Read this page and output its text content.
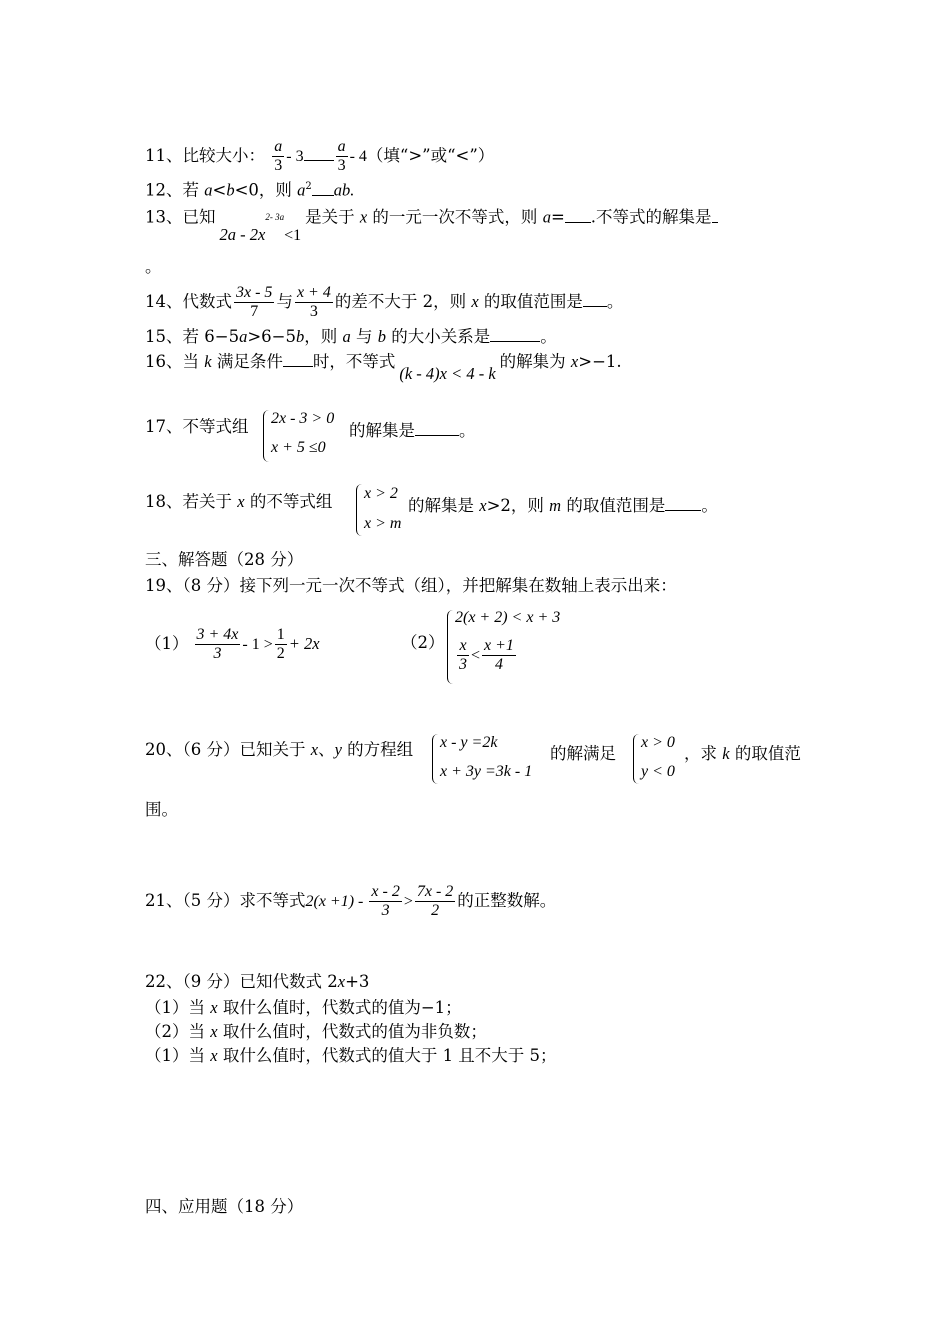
11、比较大小： $\frac{a}{3} - 3 \frac{a}{3} - 4$（填“>”或“<”）
12、若 a<b<0，则 $a^2$ ab.
13、已知$2a - 2x^{2- 3a}<1$是关于 x 的一元一次不等式，则 a= .不等式的解集是
。
14、代数式 $\frac{3x - 5}{7}$ 与 $\frac{x + 4}{3}$ 的差不大于 2，则 x 的取值范围是 。
15、若 6−5a>6−5b，则 a 与 b 的大小关系是	。
16、当 k 满足条件 时，不等式(k - 4)x < 4 - k的解集为 x>−1.
17、不等式组 2x - 3 > 0
x + 5 ≤0
的解集是	。
18、若关于 x 的不等式组 x > 2
x > m
的解集是 x>2，则 m 的取值范围是 。
三、解答题（28 分）
19、（8 分）接下列一元一次不等式（组），并把解集在数轴上表示出来：
$(1) \frac{3 + 4x}{3} - 1 > \frac{1}{2} + 2x$	（2）
2(x + 2) < x + 3
$\frac{x}{3} < \frac{x +1}{4}$
20、（6 分）已知关于 x、y 的方程组 x - y =2k
x + 3y =3k - 1
的解满足
x > 0
y < 0
，求 k 的取值范
围。
21、（5 分）求不等式$2(x +1) - \frac{x - 2}{3} > \frac{7x - 2}{2}$ 的正整数解。
22、（9 分）已知代数式 2x+3
（1）当 x 取什么值时，代数式的值为−1；
（2）当 x 取什么值时，代数式的值为非负数；
（1）当 x 取什么值时，代数式的值大于 1 且不大于 5；
四、应用题（18 分）
